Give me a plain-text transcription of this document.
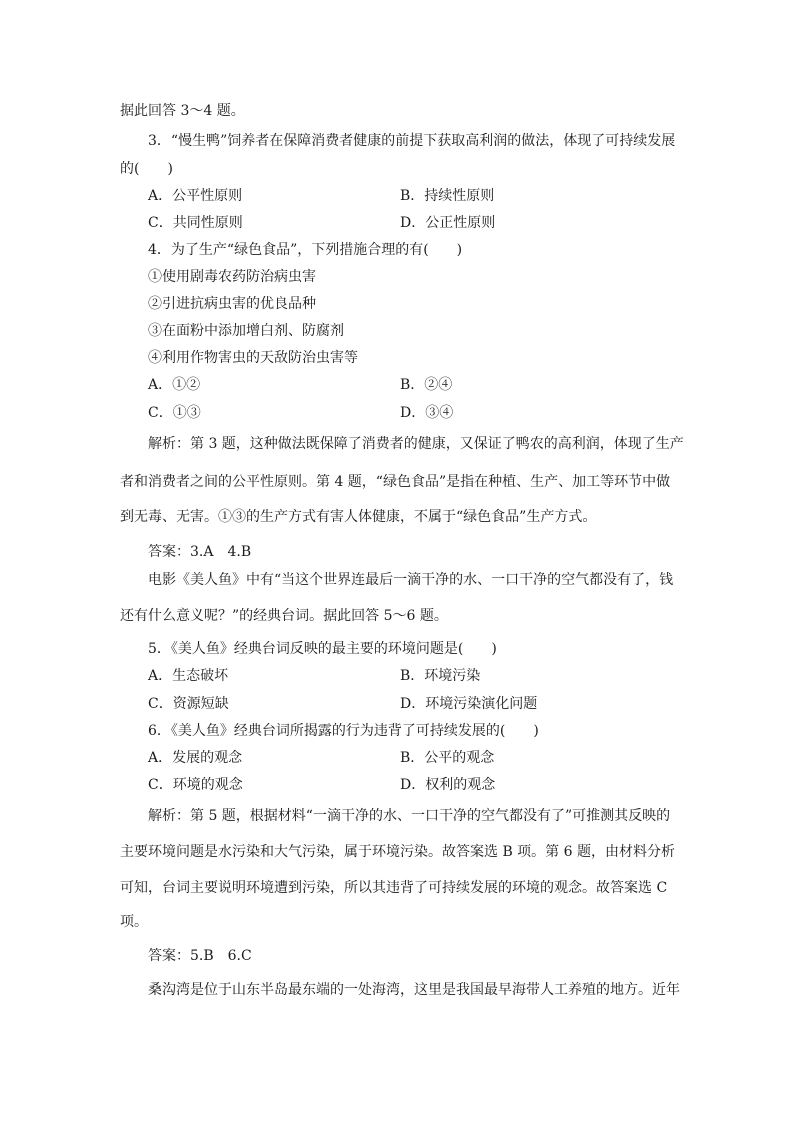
据此回答 3～4 题。
3．“慢生鸭”饲养者在保障消费者健康的前提下获取高利润的做法，体现了可持续发展
的(　　)
A．公平性原则	B．持续性原则
C．共同性原则	D．公正性原则
4．为了生产“绿色食品”，下列措施合理的有(　　)
①使用剧毒农药防治病虫害
②引进抗病虫害的优良品种
③在面粉中添加增白剂、防腐剂
④利用作物害虫的天敌防治虫害等
A．①②	B．②④
C．①③	D．③④
解析：第 3 题，这种做法既保障了消费者的健康，又保证了鸭农的高利润，体现了生产
者和消费者之间的公平性原则。第 4 题，“绿色食品”是指在种植、生产、加工等环节中做
到无毒、无害。①③的生产方式有害人体健康，不属于“绿色食品”生产方式。
答案：3.A　4.B
电影《美人鱼》中有“当这个世界连最后一滴干净的水、一口干净的空气都没有了，钱
还有什么意义呢？”的经典台词。据此回答 5～6 题。
5．《美人鱼》经典台词反映的最主要的环境问题是(　　)
A．生态破坏	B．环境污染
C．资源短缺	D．环境污染演化问题
6．《美人鱼》经典台词所揭露的行为违背了可持续发展的(　　)
A．发展的观念	B．公平的观念
C．环境的观念	D．权利的观念
解析：第 5 题，根据材料“一滴干净的水、一口干净的空气都没有了”可推测其反映的
主要环境问题是水污染和大气污染，属于环境污染。故答案选 B 项。第 6 题，由材料分析
可知，台词主要说明环境遭到污染，所以其违背了可持续发展的环境的观念。故答案选 C
项。
答案：5.B　6.C
桑沟湾是位于山东半岛最东端的一处海湾，这里是我国最早海带人工养殖的地方。近年
